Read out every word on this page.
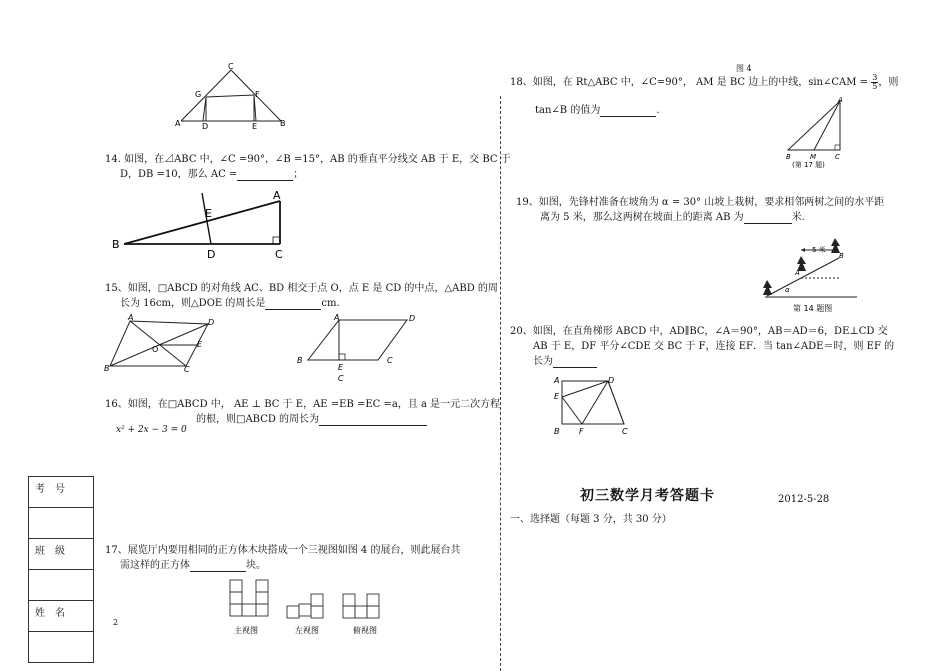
A	D	E	B
C
G	F
14. 如图，在⊿ABC 中，∠C =90°，∠B =15°，AB 的垂直平分线交 AB 于 E，交 BC 于
D，DB =10，那么 AC =	；
B
E
D
A
C
15、如图，□ABCD 的对角线 AC、BD 相交于点 O，点 E 是 CD 的中点，△ABD 的周
长为 16cm，则△DOE 的周长是	cm.
A
D
B	C
E
O
A	D
B	C
E
C
16、如图，在□ABCD 中， AE ⊥ BC 于 E，AE =EB =EC =a，且 a 是一元二次方程
的根，则□ABCD 的周长为
x² + 2x − 3 = 0
考　号

班　级

姓　名

17、展览厅内要用相同的正方体木块搭成一个三视图如图 4 的展台，则此展台共
需这样的正方体	块。
主视图	左视图	俯视图
2
图 4
18、如图，在 Rt△ABC 中，∠C=90°， AM 是 BC 边上的中线，sin∠CAM = $\frac{3}{5}$，则
tan∠B 的值为	.
A
B	M	C
(第 17 题)
19、如图，先锋村准备在坡角为 α = 30° 山坡上栽树，要求相邻两树之间的水平距
离为 5 米，那么这两树在坡面上的距离 AB 为	米.
5 米
α
A
B
第 14 题图
20、如图，在直角梯形 ABCD 中，AD∥BC，∠A＝90°，AB＝AD＝6，DE⊥CD 交
AB 于 E，DF 平分∠CDE 交 BC 于 F，连接 EF．当 tan∠ADE＝时，则 EF 的
长为
A	D
E
B F	C
初三数学月考答题卡	2012-5-28
一、选择题（每题 3 分，共 30 分）
